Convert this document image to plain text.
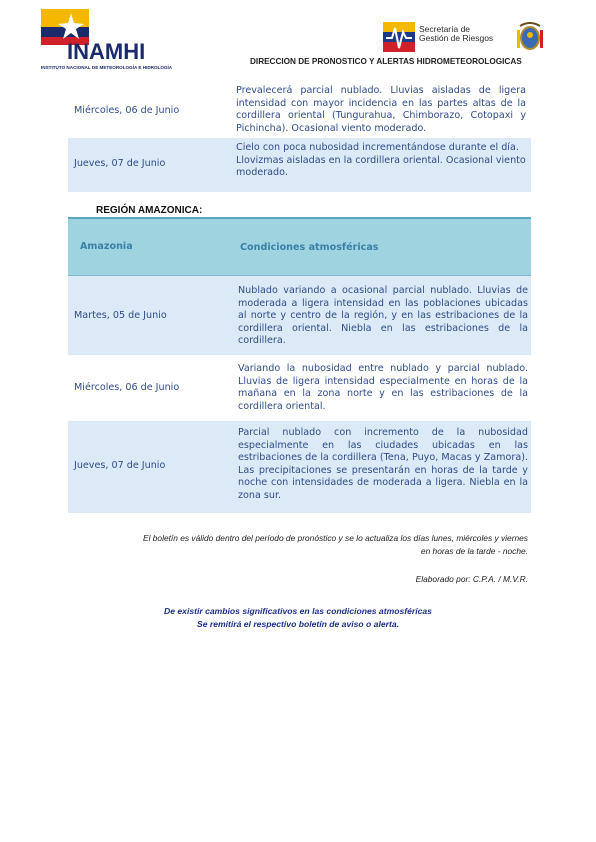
INAMHI
INSTITUTO NACIONAL DE METEOROLOGÍA E HIDROLOGÍA
Secretaría de
Gestión de Riesgos
DIRECCION DE PRONOSTICO Y ALERTAS HIDROMETEOROLOGICAS
Miércoles, 06 de Junio
Prevalecerá parcial nublado. Lluvias aisladas de ligera intensidad con mayor incidencia en las partes altas de la cordillera oriental (Tungurahua, Chimborazo, Cotopaxi y Pichincha). Ocasional viento moderado.
Jueves, 07 de Junio
Cielo con poca nubosidad incrementándose durante el día. Llovizmas aisladas en la cordillera oriental. Ocasional viento moderado.
REGIÓN AMAZONICA:
Amazonia	Condiciones atmosféricas
Martes, 05 de Junio
Nublado variando a ocasional parcial nublado. Lluvias de moderada a ligera intensidad en las poblaciones ubicadas al norte y centro de la región, y en las estribaciones de la cordillera oriental. Niebla en las estribaciones de la cordillera.
Miércoles, 06 de Junio
Variando la nubosidad entre nublado y parcial nublado. Lluvias de ligera intensidad especialmente en horas de la mañana en la zona norte y en las estribaciones de la cordillera oriental.
Jueves, 07 de Junio
Parcial nublado con incremento de la nubosidad especialmente en las ciudades ubicadas en las estribaciones de la cordillera (Tena, Puyo, Macas y Zamora). Las precipitaciones se presentarán en horas de la tarde y noche con intensidades de moderada a ligera. Niebla en la zona sur.
El boletín es válido dentro del período de pronóstico y se lo actualiza los días lunes, miércoles y viernes
en horas de la tarde - noche.
Elaborado por: C.P.A. / M.V.R.
De existir cambios significativos en las condiciones atmosféricas
Se remitirá el respectivo boletín de aviso o alerta.
